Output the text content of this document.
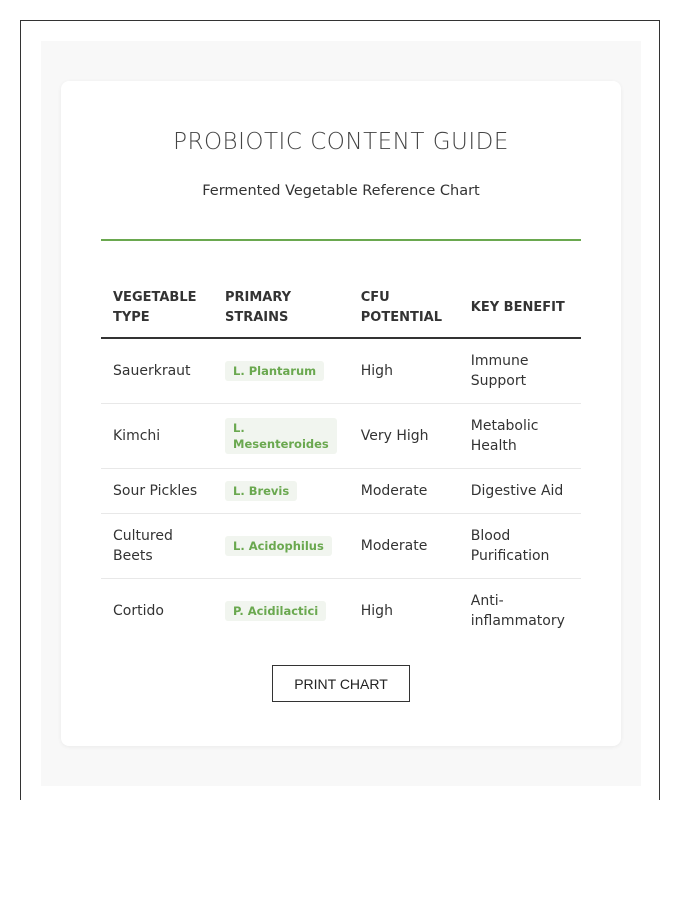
PROBIOTIC CONTENT GUIDE

Fermented Vegetable Reference Chart

VEGETABLE TYPE	PRIMARY STRAINS	CFU POTENTIAL	KEY BENEFIT
Sauerkraut	L. Plantarum	High	Immune Support
Kimchi	L. Mesenteroides	Very High	Metabolic Health
Sour Pickles	L. Brevis	Moderate	Digestive Aid
Cultured Beets	L. Acidophilus	Moderate	Blood Purification
Cortido	P. Acidilactici	High	Anti-inflammatory
PRINT CHART
